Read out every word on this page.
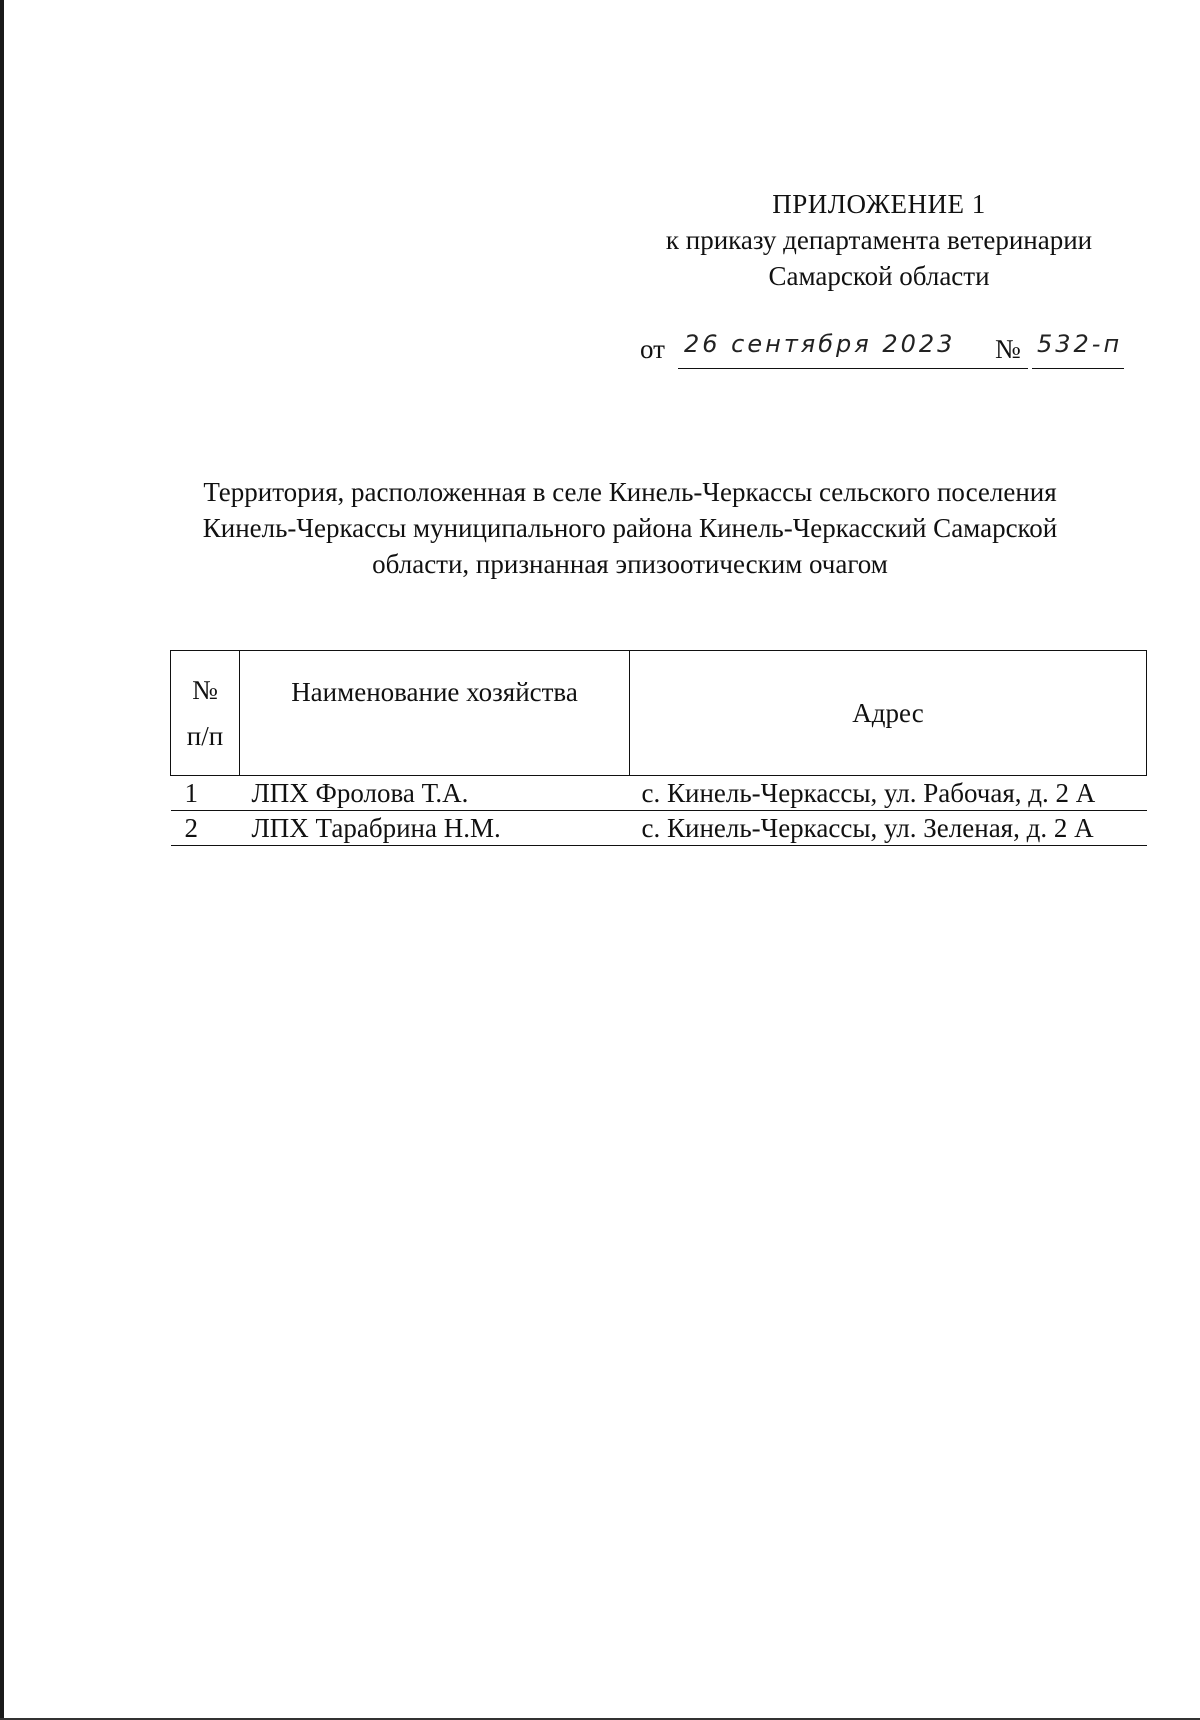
ПРИЛОЖЕНИЕ 1
к приказу департамента ветеринарии
Самарской области
от 26 сентября 2023 № 532-п
Территория, расположенная в селе Кинель-Черкассы сельского поселения
Кинель-Черкассы муниципального района Кинель-Черкасский Самарской
области, признанная эпизоотическим очагом
№
п/п	Наименование хозяйства	Адрес
1	ЛПХ Фролова Т.А.	с. Кинель-Черкассы, ул. Рабочая, д. 2 А
2	ЛПХ Тарабрина Н.М.	с. Кинель-Черкассы, ул. Зеленая, д. 2 А
